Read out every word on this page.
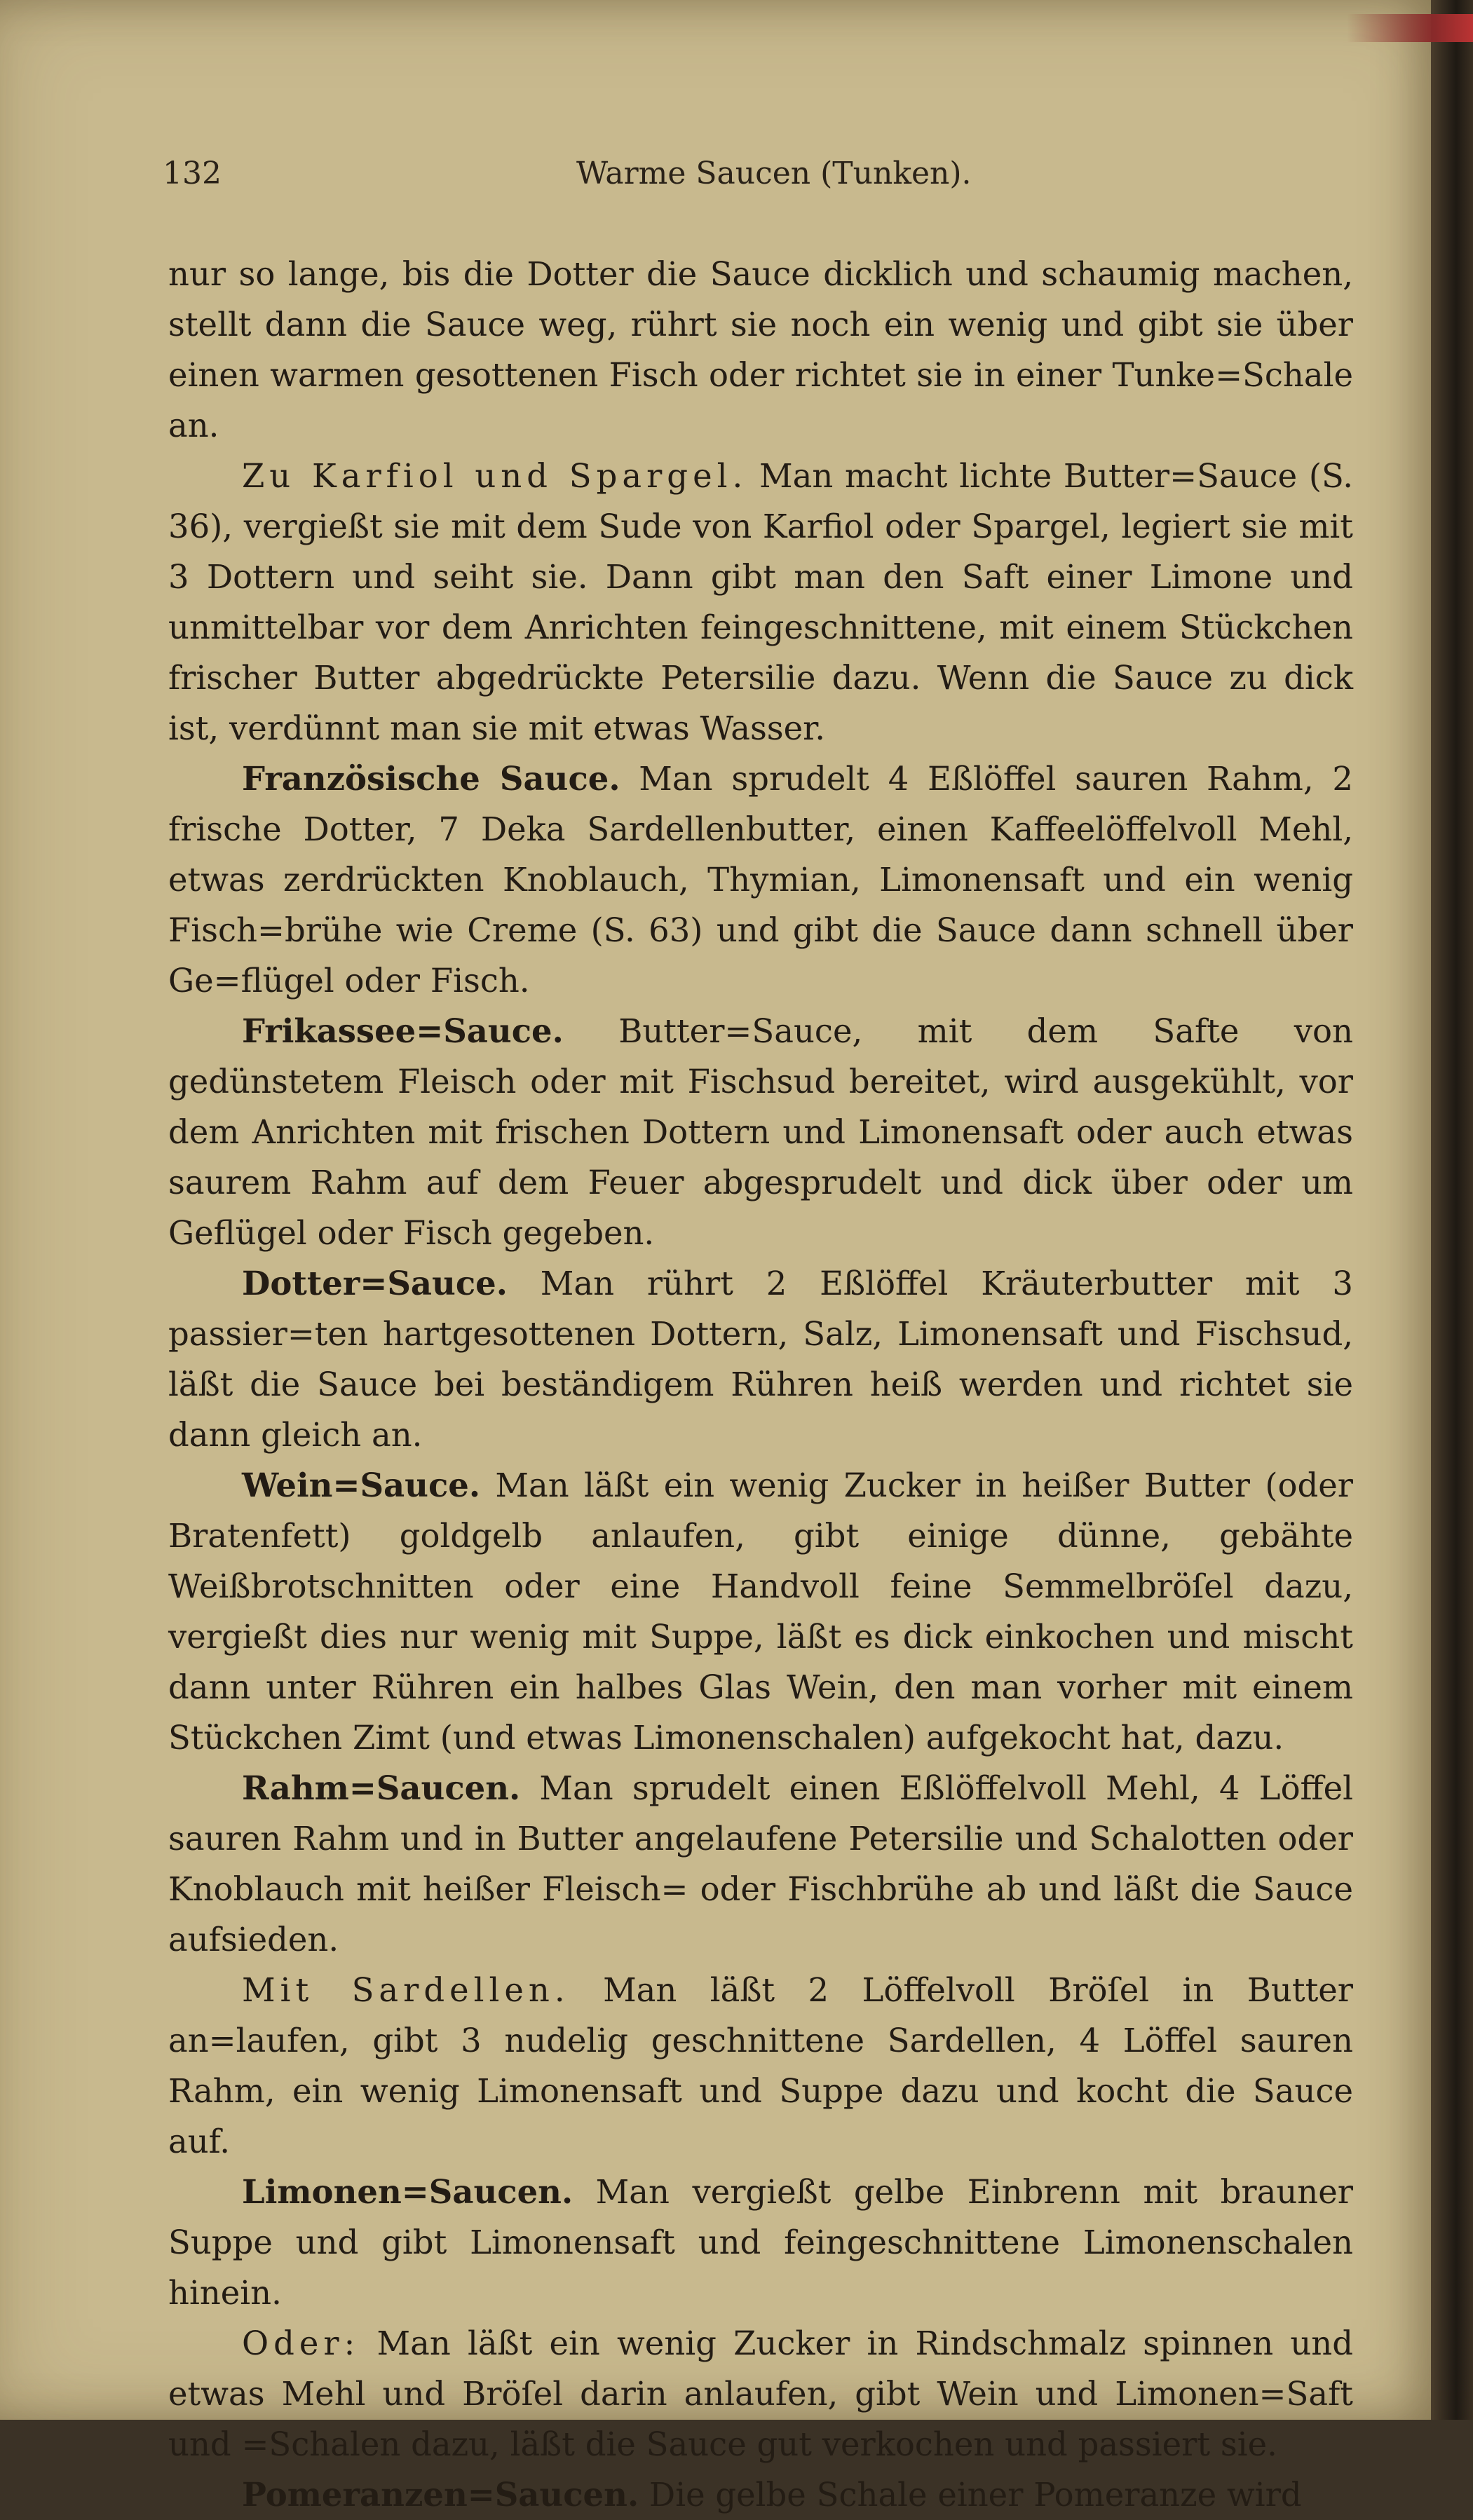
132	Warme Saucen (Tunken).

nur so lange, bis die Dotter die Sauce dicklich und schaumig machen, stellt dann die Sauce weg, rührt sie noch ein wenig und gibt sie über einen warmen gesottenen Fisch oder richtet sie in einer Tunke=Schale an.

Zu Karfiol und Spargel. Man macht lichte Butter=Sauce (S. 36), vergießt sie mit dem Sude von Karfiol oder Spargel, legiert sie mit 3 Dottern und seiht sie. Dann gibt man den Saft einer Limone und unmittelbar vor dem Anrichten feingeschnittene, mit einem Stückchen frischer Butter abgedrückte Petersilie dazu. Wenn die Sauce zu dick ist, verdünnt man sie mit etwas Wasser.

Französische Sauce. Man sprudelt 4 Eßlöffel sauren Rahm, 2 frische Dotter, 7 Deka Sardellenbutter, einen Kaffeelöffelvoll Mehl, etwas zerdrückten Knoblauch, Thymian, Limonensaft und ein wenig Fisch=brühe wie Creme (S. 63) und gibt die Sauce dann schnell über Ge=flügel oder Fisch.

Frikassee=Sauce. Butter=Sauce, mit dem Safte von gedünstetem Fleisch oder mit Fischsud bereitet, wird ausgekühlt, vor dem Anrichten mit frischen Dottern und Limonensaft oder auch etwas saurem Rahm auf dem Feuer abgesprudelt und dick über oder um Geflügel oder Fisch gegeben.

Dotter=Sauce. Man rührt 2 Eßlöffel Kräuterbutter mit 3 passier=ten hartgesottenen Dottern, Salz, Limonensaft und Fischsud, läßt die Sauce bei beständigem Rühren heiß werden und richtet sie dann gleich an.

Wein=Sauce. Man läßt ein wenig Zucker in heißer Butter (oder Bratenfett) goldgelb anlaufen, gibt einige dünne, gebähte Weißbrotschnitten oder eine Handvoll feine Semmelbröſel dazu, vergießt dies nur wenig mit Suppe, läßt es dick einkochen und mischt dann unter Rühren ein halbes Glas Wein, den man vorher mit einem Stückchen Zimt (und etwas Limonenschalen) aufgekocht hat, dazu.

Rahm=Saucen. Man sprudelt einen Eßlöffelvoll Mehl, 4 Löffel sauren Rahm und in Butter angelaufene Petersilie und Schalotten oder Knoblauch mit heißer Fleisch= oder Fischbrühe ab und läßt die Sauce aufsieden.

Mit Sardellen. Man läßt 2 Löffelvoll Bröſel in Butter an=laufen, gibt 3 nudelig geschnittene Sardellen, 4 Löffel sauren Rahm, ein wenig Limonensaft und Suppe dazu und kocht die Sauce auf.

Limonen=Saucen. Man vergießt gelbe Einbrenn mit brauner Suppe und gibt Limonensaft und feingeschnittene Limonenschalen hinein.

Oder: Man läßt ein wenig Zucker in Rindschmalz spinnen und etwas Mehl und Bröſel darin anlaufen, gibt Wein und Limonen=Saft und =Schalen dazu, läßt die Sauce gut verkochen und passiert sie.

Pomeranzen=Saucen. Die gelbe Schale einer Pomeranze wird
